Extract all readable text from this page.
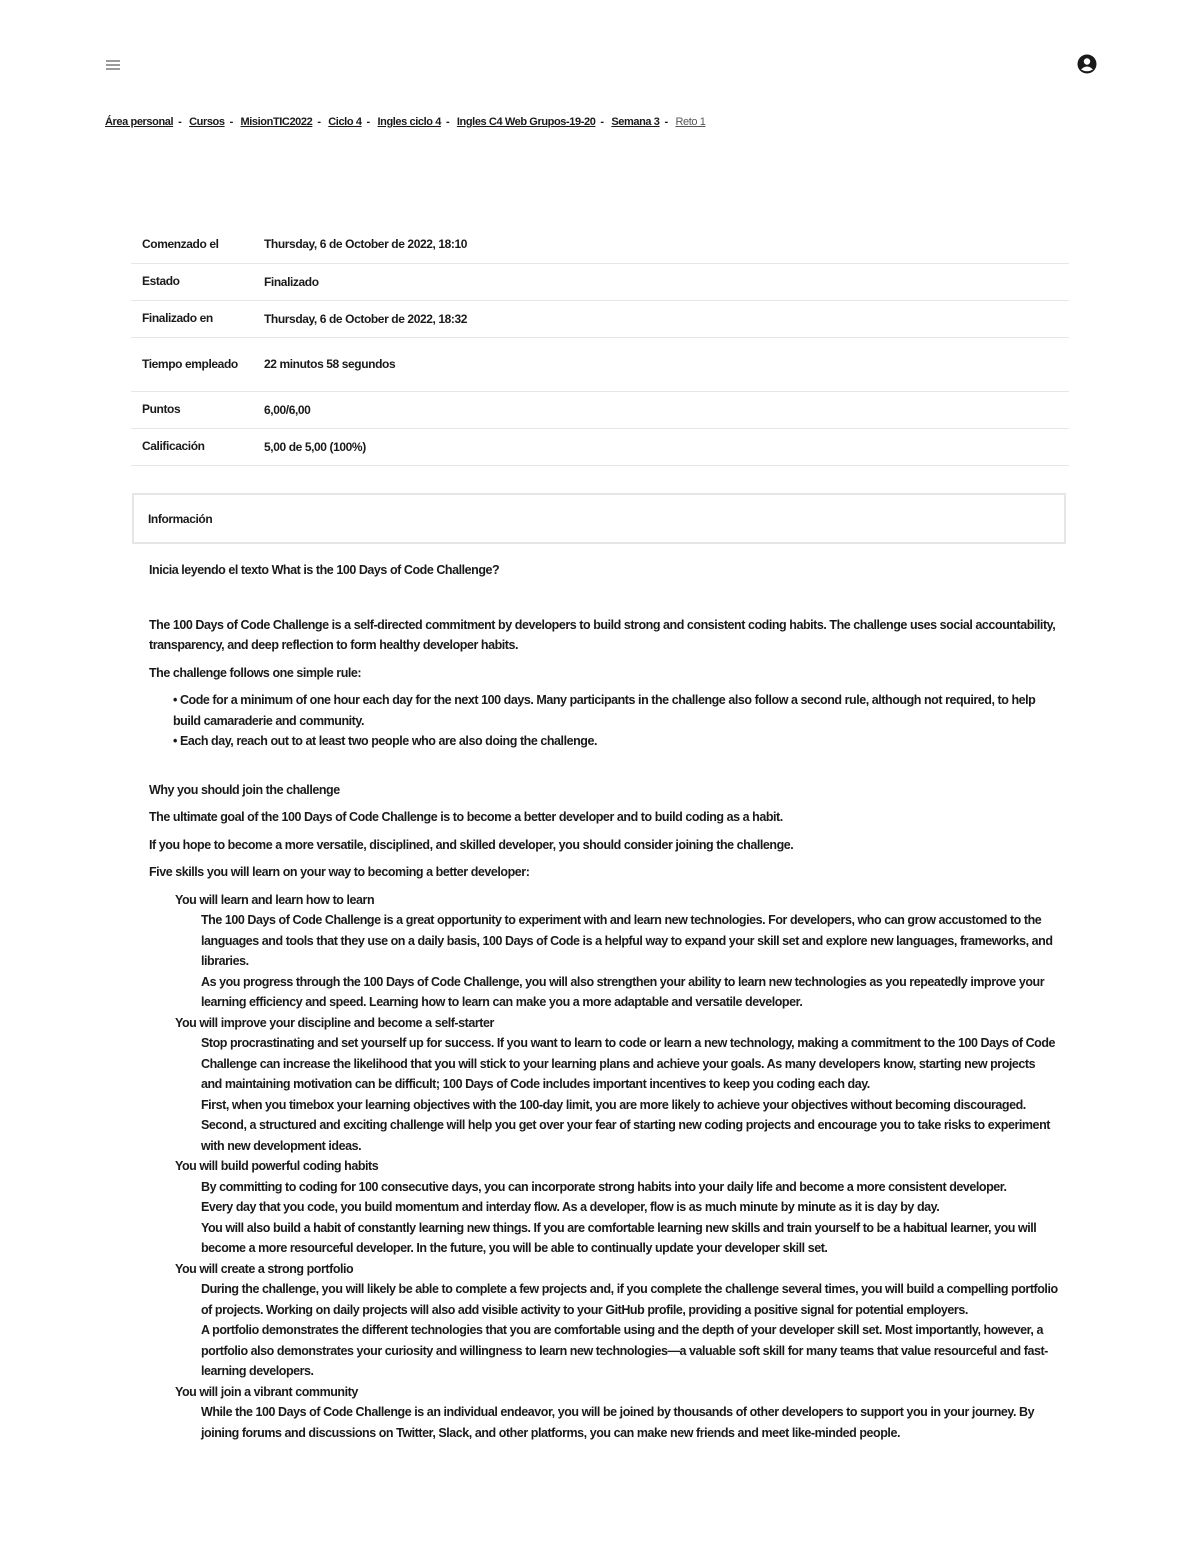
Área personal - Cursos - MisionTIC2022 - Ciclo 4 - Ingles ciclo 4 - Ingles C4 Web Grupos-19-20 - Semana 3 - Reto 1
Comenzado el	Thursday, 6 de October de 2022, 18:10
Estado	Finalizado
Finalizado en	Thursday, 6 de October de 2022, 18:32
Tiempo empleado	22 minutos 58 segundos
Puntos	6,00/6,00
Calificación	5,00 de 5,00 (100%)
Información

Inicia leyendo el texto What is the 100 Days of Code Challenge?

The 100 Days of Code Challenge is a self-directed commitment by developers to build strong and consistent coding habits. The challenge uses social accountability, transparency, and deep reflection to form healthy developer habits.

The challenge follows one simple rule:

• Code for a minimum of one hour each day for the next 100 days. Many participants in the challenge also follow a second rule, although not required, to help build camaraderie and community.

• Each day, reach out to at least two people who are also doing the challenge.

Why you should join the challenge

The ultimate goal of the 100 Days of Code Challenge is to become a better developer and to build coding as a habit.

If you hope to become a more versatile, disciplined, and skilled developer, you should consider joining the challenge.

Five skills you will learn on your way to becoming a better developer:

You will learn and learn how to learn

The 100 Days of Code Challenge is a great opportunity to experiment with and learn new technologies. For developers, who can grow accustomed to the languages and tools that they use on a daily basis, 100 Days of Code is a helpful way to expand your skill set and explore new languages, frameworks, and libraries.

As you progress through the 100 Days of Code Challenge, you will also strengthen your ability to learn new technologies as you repeatedly improve your learning efficiency and speed. Learning how to learn can make you a more adaptable and versatile developer.

You will improve your discipline and become a self-starter

Stop procrastinating and set yourself up for success. If you want to learn to code or learn a new technology, making a commitment to the 100 Days of Code Challenge can increase the likelihood that you will stick to your learning plans and achieve your goals. As many developers know, starting new projects and maintaining motivation can be difficult; 100 Days of Code includes important incentives to keep you coding each day.

First, when you timebox your learning objectives with the 100-day limit, you are more likely to achieve your objectives without becoming discouraged. Second, a structured and exciting challenge will help you get over your fear of starting new coding projects and encourage you to take risks to experiment with new development ideas.

You will build powerful coding habits

By committing to coding for 100 consecutive days, you can incorporate strong habits into your daily life and become a more consistent developer.

Every day that you code, you build momentum and interday flow. As a developer, flow is as much minute by minute as it is day by day.

You will also build a habit of constantly learning new things. If you are comfortable learning new skills and train yourself to be a habitual learner, you will become a more resourceful developer. In the future, you will be able to continually update your developer skill set.

You will create a strong portfolio

During the challenge, you will likely be able to complete a few projects and, if you complete the challenge several times, you will build a compelling portfolio of projects. Working on daily projects will also add visible activity to your GitHub profile, providing a positive signal for potential employers.

A portfolio demonstrates the different technologies that you are comfortable using and the depth of your developer skill set. Most importantly, however, a portfolio also demonstrates your curiosity and willingness to learn new technologies—a valuable soft skill for many teams that value resourceful and fast-learning developers.

You will join a vibrant community

While the 100 Days of Code Challenge is an individual endeavor, you will be joined by thousands of other developers to support you in your journey. By joining forums and discussions on Twitter, Slack, and other platforms, you can make new friends and meet like-minded people.
